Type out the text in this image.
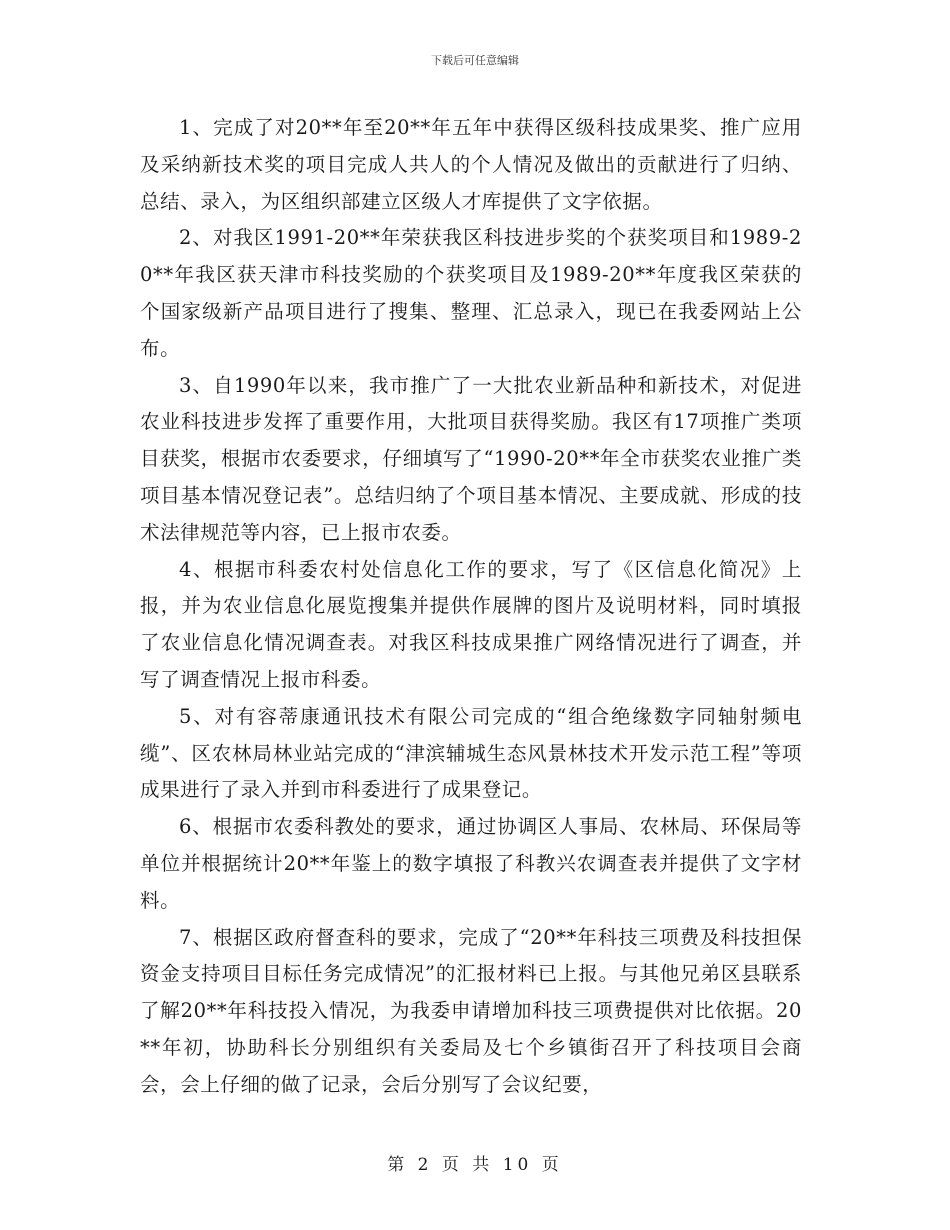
下载后可任意编辑

1、完成了对20**年至20**年五年中获得区级科技成果奖、推广应用及采纳新技术奖的项目完成人共人的个人情况及做出的贡献进行了归纳、总结、录入，为区组织部建立区级人才库提供了文字依据。

2、对我区1991-20**年荣获我区科技进步奖的个获奖项目和1989-20**年我区获天津市科技奖励的个获奖项目及1989-20**年度我区荣获的个国家级新产品项目进行了搜集、整理、汇总录入，现已在我委网站上公布。

3、自1990年以来，我市推广了一大批农业新品种和新技术，对促进农业科技进步发挥了重要作用，大批项目获得奖励。我区有17项推广类项目获奖，根据市农委要求，仔细填写了“1990-20**年全市获奖农业推广类项目基本情况登记表”。总结归纳了个项目基本情况、主要成就、形成的技术法律规范等内容，已上报市农委。

4、根据市科委农村处信息化工作的要求，写了《区信息化简况》上报，并为农业信息化展览搜集并提供作展牌的图片及说明材料，同时填报了农业信息化情况调查表。对我区科技成果推广网络情况进行了调查，并写了调查情况上报市科委。

5、对有容蒂康通讯技术有限公司完成的“组合绝缘数字同轴射频电缆”、区农林局林业站完成的“津滨辅城生态风景林技术开发示范工程”等项成果进行了录入并到市科委进行了成果登记。

6、根据市农委科教处的要求，通过协调区人事局、农林局、环保局等单位并根据统计20**年鉴上的数字填报了科教兴农调查表并提供了文字材料。

7、根据区政府督查科的要求，完成了“20**年科技三项费及科技担保资金支持项目目标任务完成情况”的汇报材料已上报。与其他兄弟区县联系了解20**年科技投入情况，为我委申请增加科技三项费提供对比依据。20**年初，协助科长分别组织有关委局及七个乡镇街召开了科技项目会商会，会上仔细的做了记录，会后分别写了会议纪要，

第 2 页 共 10 页
